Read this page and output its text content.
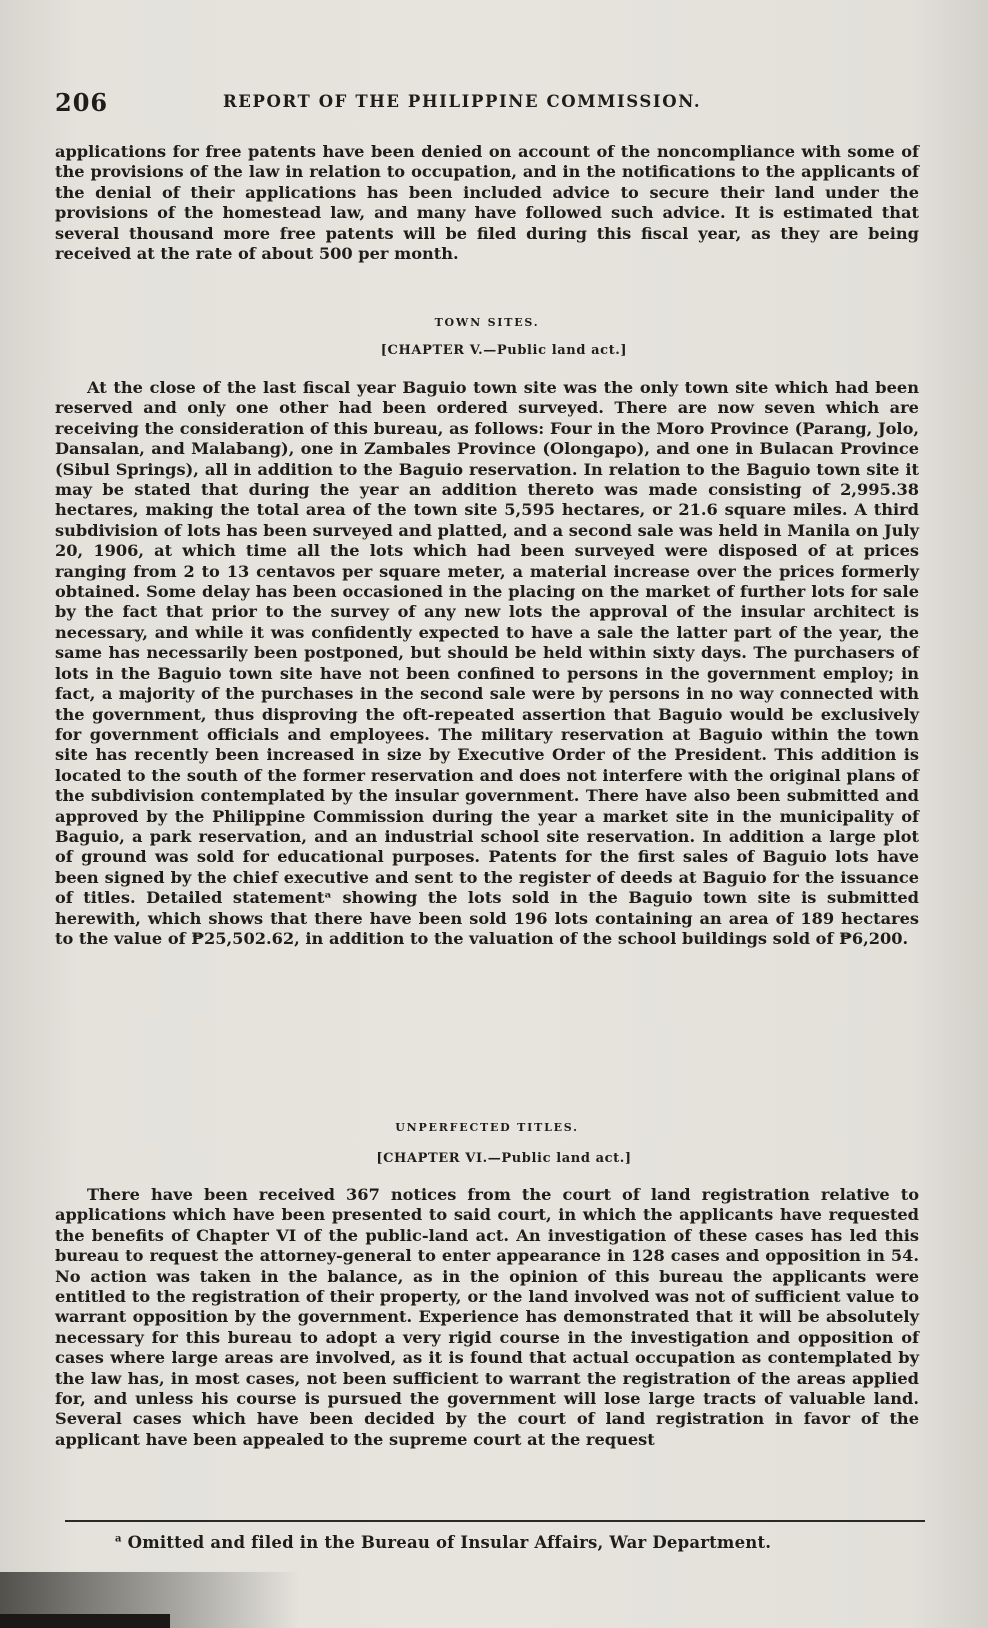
206	REPORT OF THE PHILIPPINE COMMISSION.

applications for free patents have been denied on account of the noncompliance with some of the provisions of the law in relation to occupation, and in the notifications to the applicants of the denial of their applications has been included advice to secure their land under the provisions of the homestead law, and many have followed such advice. It is estimated that several thousand more free patents will be filed during this fiscal year, as they are being received at the rate of about 500 per month.

TOWN SITES.
[CHAPTER V.—Public land act.]

At the close of the last fiscal year Baguio town site was the only town site which had been reserved and only one other had been ordered surveyed. There are now seven which are receiving the consideration of this bureau, as follows: Four in the Moro Province (Parang, Jolo, Dansalan, and Malabang), one in Zambales Province (Olongapo), and one in Bulacan Province (Sibul Springs), all in addition to the Baguio reservation. In relation to the Baguio town site it may be stated that during the year an addition thereto was made consisting of 2,995.38 hectares, making the total area of the town site 5,595 hectares, or 21.6 square miles. A third subdivision of lots has been surveyed and platted, and a second sale was held in Manila on July 20, 1906, at which time all the lots which had been surveyed were disposed of at prices ranging from 2 to 13 centavos per square meter, a material increase over the prices formerly obtained. Some delay has been occasioned in the placing on the market of further lots for sale by the fact that prior to the survey of any new lots the approval of the insular architect is necessary, and while it was confidently expected to have a sale the latter part of the year, the same has necessarily been postponed, but should be held within sixty days. The purchasers of lots in the Baguio town site have not been confined to persons in the government employ; in fact, a majority of the purchases in the second sale were by persons in no way connected with the government, thus disproving the oft-repeated assertion that Baguio would be exclusively for government officials and employees. The military reservation at Baguio within the town site has recently been increased in size by Executive Order of the President. This addition is located to the south of the former reservation and does not interfere with the original plans of the subdivision contemplated by the insular government. There have also been submitted and approved by the Philippine Commission during the year a market site in the municipality of Baguio, a park reservation, and an industrial school site reservation. In addition a large plot of ground was sold for educational purposes. Patents for the first sales of Baguio lots have been signed by the chief executive and sent to the register of deeds at Baguio for the issuance of titles. Detailed statementᵃ showing the lots sold in the Baguio town site is submitted herewith, which shows that there have been sold 196 lots containing an area of 189 hectares to the value of ₱25,502.62, in addition to the valuation of the school buildings sold of ₱6,200.

UNPERFECTED TITLES.
[CHAPTER VI.—Public land act.]

There have been received 367 notices from the court of land registration relative to applications which have been presented to said court, in which the applicants have requested the benefits of Chapter VI of the public-land act. An investigation of these cases has led this bureau to request the attorney-general to enter appearance in 128 cases and opposition in 54. No action was taken in the balance, as in the opinion of this bureau the applicants were entitled to the registration of their property, or the land involved was not of sufficient value to warrant opposition by the government. Experience has demonstrated that it will be absolutely necessary for this bureau to adopt a very rigid course in the investigation and opposition of cases where large areas are involved, as it is found that actual occupation as contemplated by the law has, in most cases, not been sufficient to warrant the registration of the areas applied for, and unless his course is pursued the government will lose large tracts of valuable land. Several cases which have been decided by the court of land registration in favor of the applicant have been appealed to the supreme court at the request

$^a$ Omitted and filed in the Bureau of Insular Affairs, War Department.
